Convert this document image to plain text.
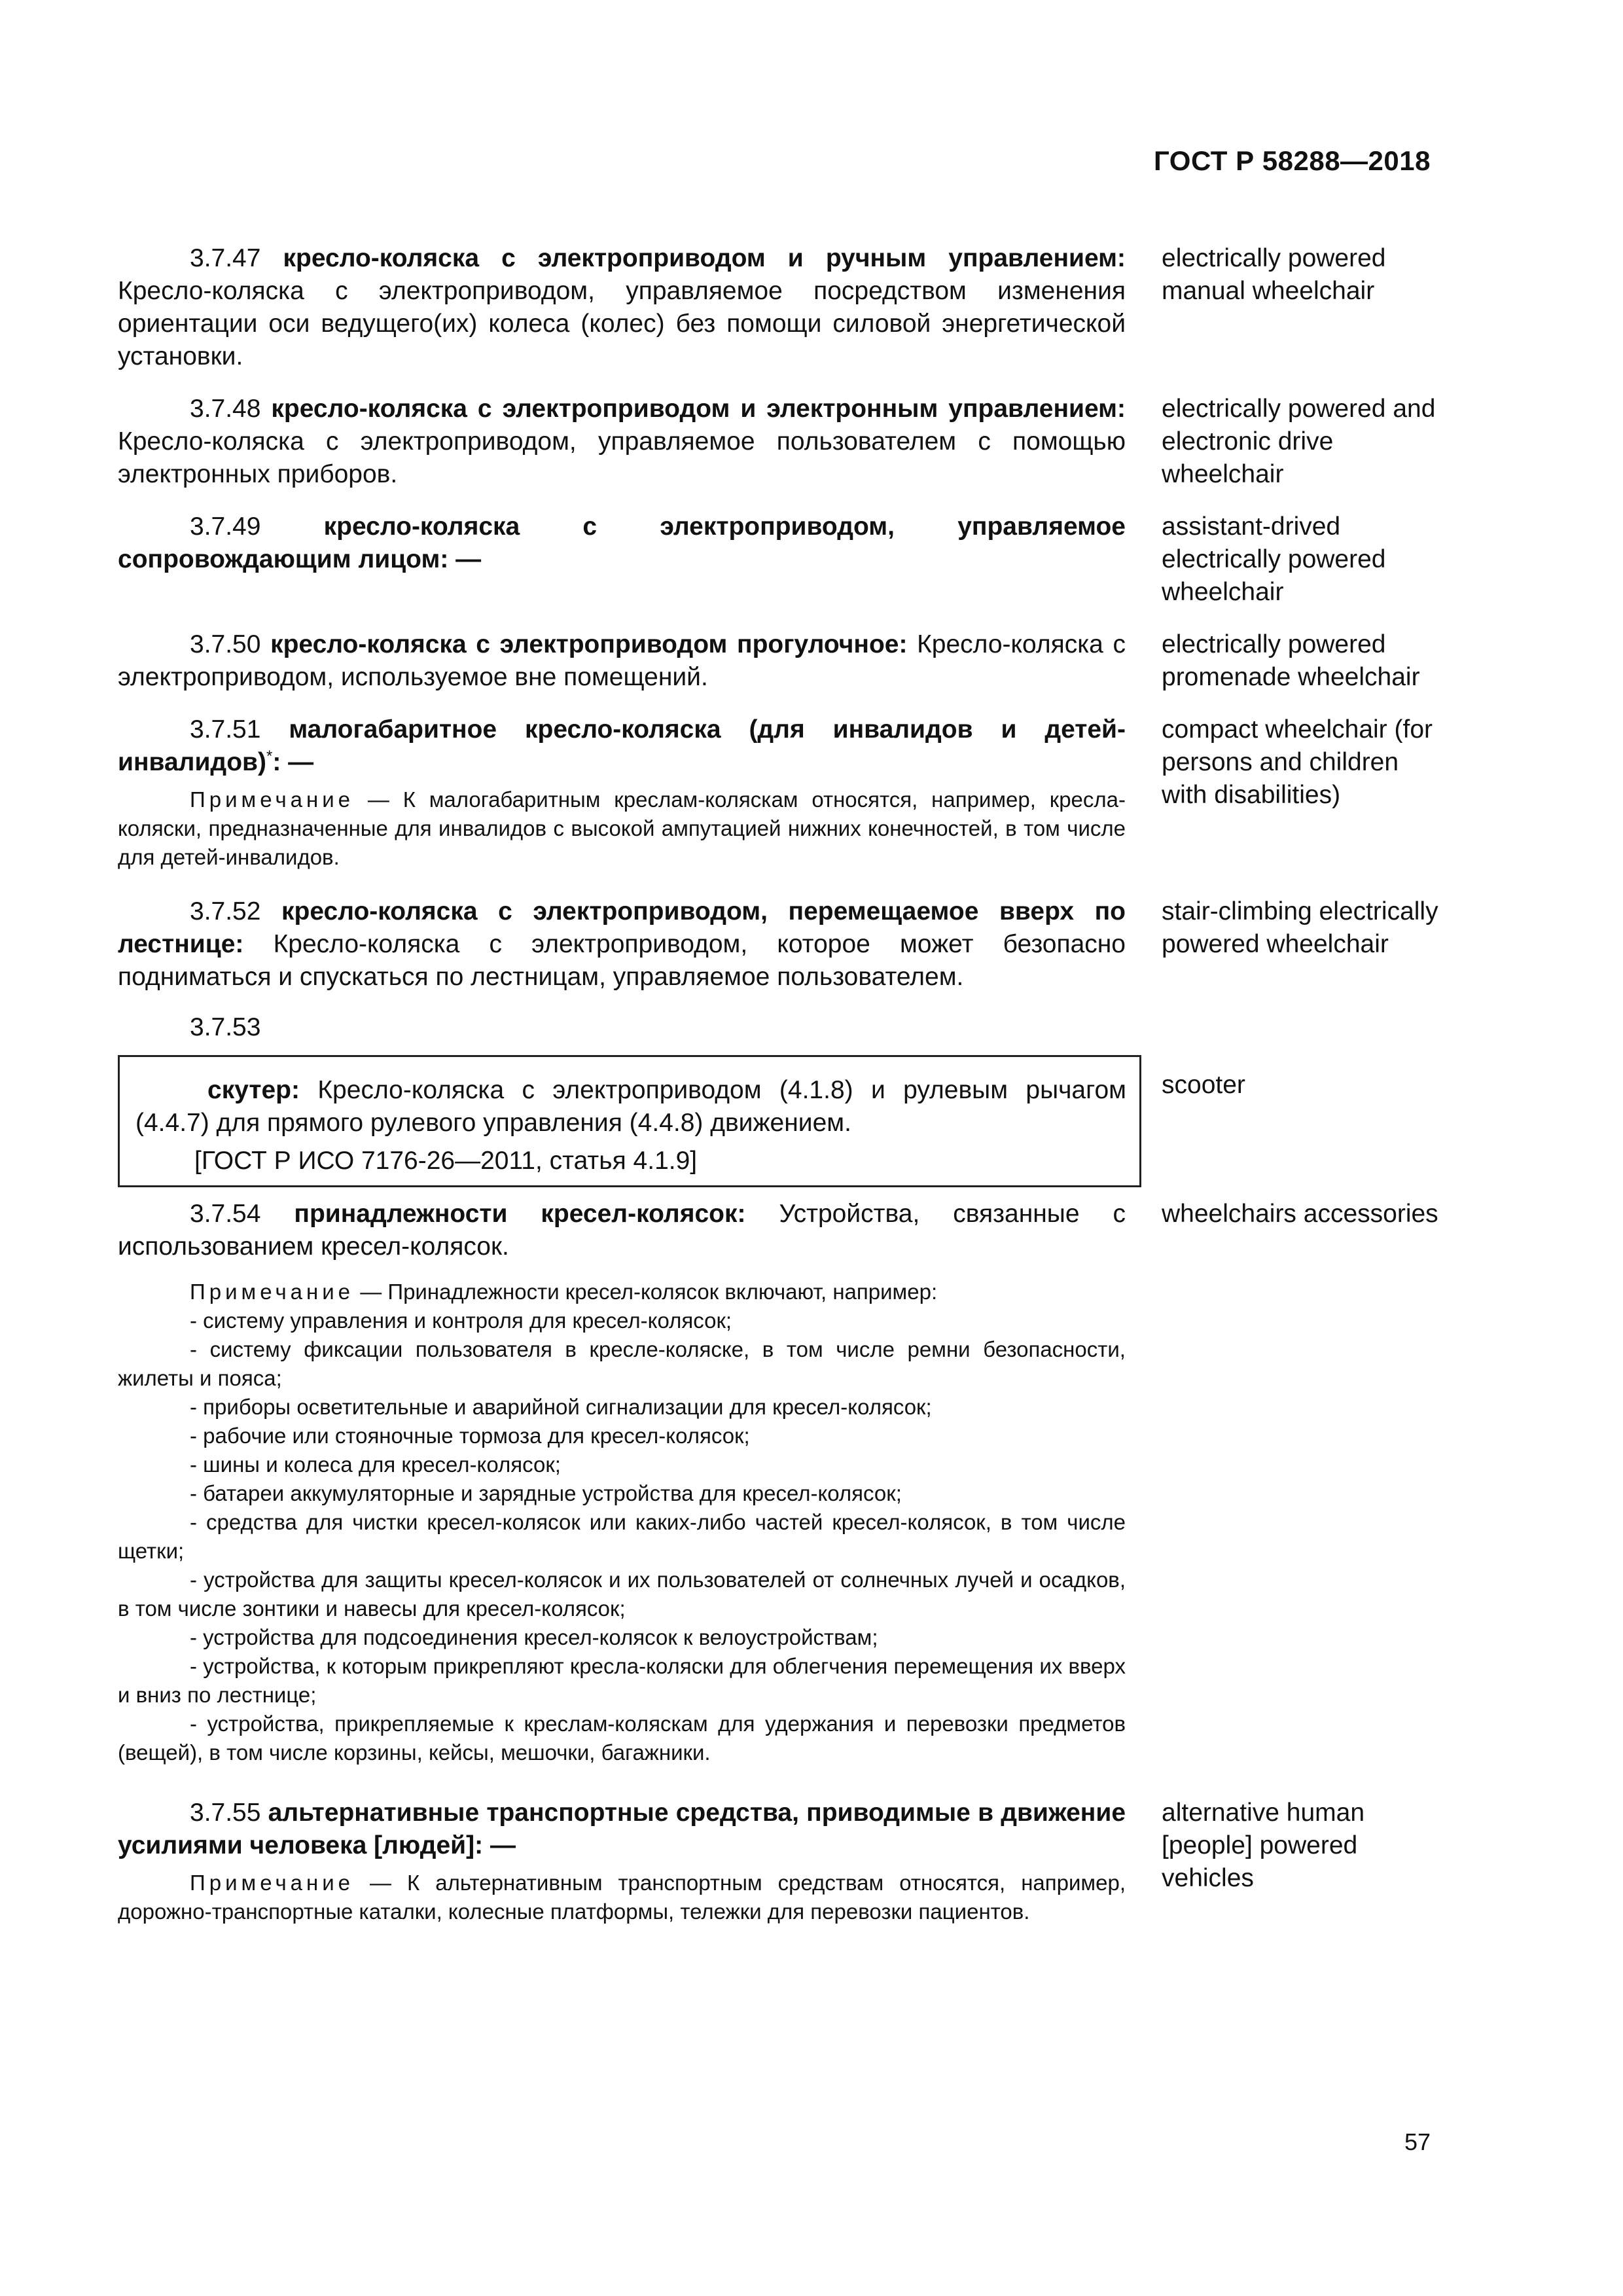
ГОСТ Р 58288—2018
3.7.47 кресло-коляска с электроприводом и ручным управлением: Кресло-коляска с электроприводом, управляемое посредством изменения ориентации оси ведущего(их) колеса (колес) без помощи силовой энергетической установки.
electrically powered manual wheelchair
3.7.48 кресло-коляска с электроприводом и электронным управлением: Кресло-коляска с электроприводом, управляемое пользователем с помощью электронных приборов.
electrically powered and electronic drive wheelchair
3.7.49 кресло-коляска с электроприводом, управляемое сопровождающим лицом: —
assistant-drived electrically powered wheelchair
3.7.50 кресло-коляска с электроприводом прогулочное: Кресло-коляска с электроприводом, используемое вне помещений.
electrically powered promenade wheelchair
3.7.51 малогабаритное кресло-коляска (для инвалидов и детей-инвалидов)*: —
Примечание — К малогабаритным креслам-коляскам относятся, например, кресла-коляски, предназначенные для инвалидов с высокой ампутацией нижних конечностей, в том числе для детей-инвалидов.
compact wheelchair (for persons and children with disabilities)
3.7.52 кресло-коляска с электроприводом, перемещаемое вверх по лестнице: Кресло-коляска с электроприводом, которое может безопасно подниматься и спускаться по лестницам, управляемое пользователем.
stair-climbing electrically powered wheelchair
3.7.53
скутер: Кресло-коляска с электроприводом (4.1.8) и рулевым рычагом (4.4.7) для прямого рулевого управления (4.4.8) движением.
[ГОСТ Р ИСО 7176-26—2011, статья 4.1.9]
scooter
3.7.54 принадлежности кресел-колясок: Устройства, связанные с использованием кресел-колясок.
Примечание — Принадлежности кресел-колясок включают, например:
- систему управления и контроля для кресел-колясок;
- систему фиксации пользователя в кресле-коляске, в том числе ремни безопасности, жилеты и пояса;
- приборы осветительные и аварийной сигнализации для кресел-колясок;
- рабочие или стояночные тормоза для кресел-колясок;
- шины и колеса для кресел-колясок;
- батареи аккумуляторные и зарядные устройства для кресел-колясок;
- средства для чистки кресел-колясок или каких-либо частей кресел-колясок, в том числе щетки;
- устройства для защиты кресел-колясок и их пользователей от солнечных лучей и осадков, в том числе зонтики и навесы для кресел-колясок;
- устройства для подсоединения кресел-колясок к велоустройствам;
- устройства, к которым прикрепляют кресла-коляски для облегчения перемещения их вверх и вниз по лестнице;
- устройства, прикрепляемые к креслам-коляскам для удержания и перевозки предметов (вещей), в том числе корзины, кейсы, мешочки, багажники.
wheelchairs accessories
3.7.55 альтернативные транспортные средства, приводимые в движение усилиями человека [людей]: —
Примечание — К альтернативным транспортным средствам относятся, например, дорожно-транспортные каталки, колесные платформы, тележки для перевозки пациентов.
alternative human [people] powered vehicles
57
